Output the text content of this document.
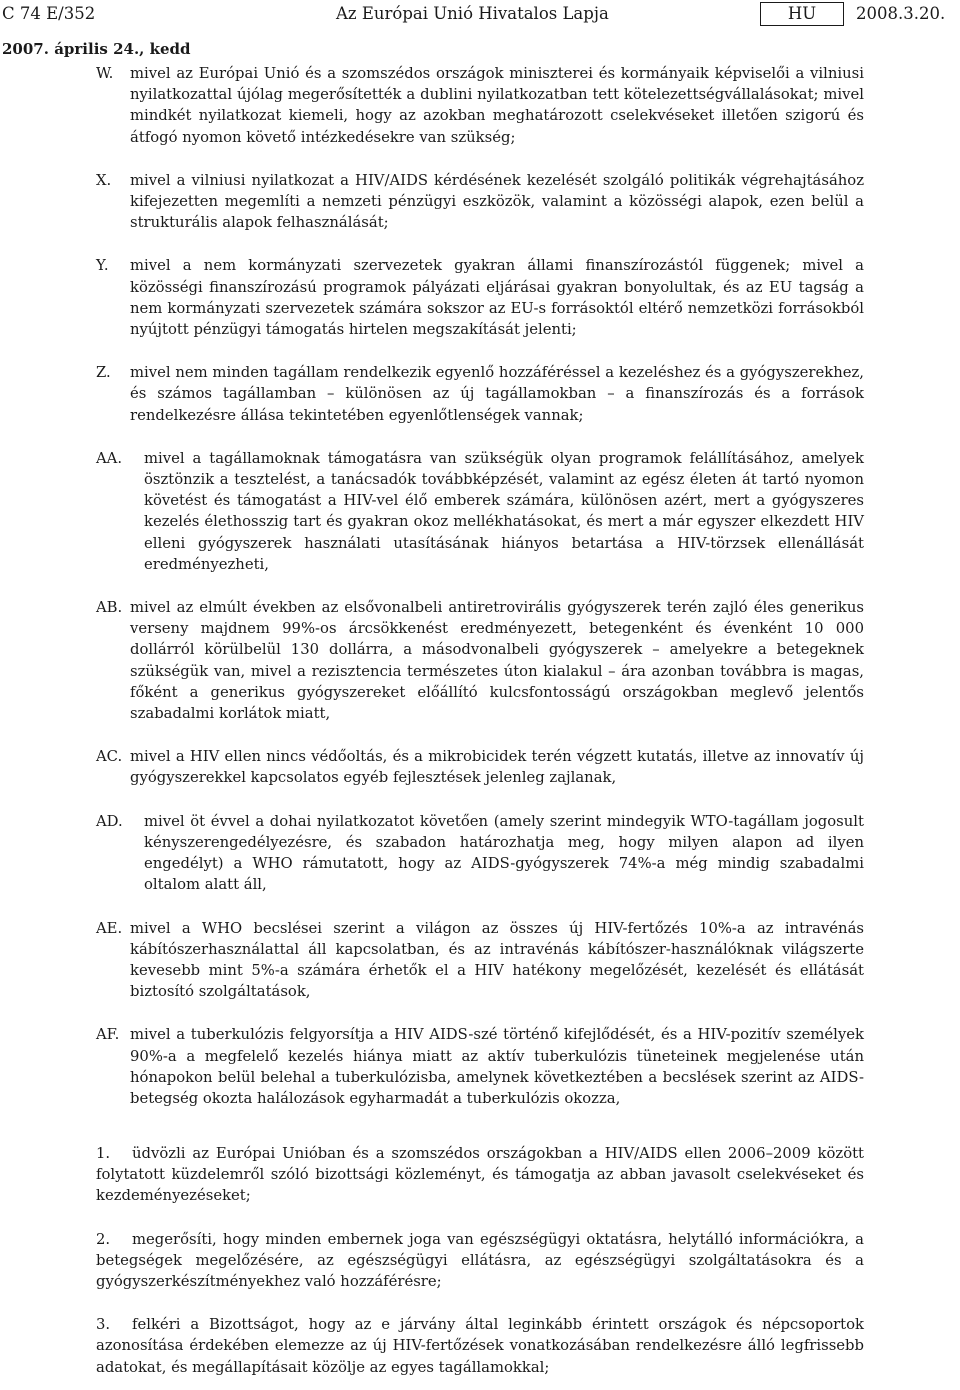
C 74 E/352	Az Európai Unió Hivatalos Lapja	HU	2008.3.20.
2007. április 24., kedd
W. mivel az Európai Unió és a szomszédos országok miniszterei és kormányaik képviselői a vilniusi nyilatkozattal újólag megerősítették a dublini nyilatkozatban tett kötelezettségvállalásokat; mivel mindkét nyilatkozat kiemeli, hogy az azokban meghatározott cselekvéseket illetően szigorú és átfogó nyomon követő intézkedésekre van szükség;
X. mivel a vilniusi nyilatkozat a HIV/AIDS kérdésének kezelését szolgáló politikák végrehajtásához kifejezetten megemlíti a nemzeti pénzügyi eszközök, valamint a közösségi alapok, ezen belül a strukturális alapok felhasználását;
Y. mivel a nem kormányzati szervezetek gyakran állami finanszírozástól függenek; mivel a közösségi finanszírozású programok pályázati eljárásai gyakran bonyolultak, és az EU tagság a nem kormányzati szervezetek számára sokszor az EU-s forrásoktól eltérő nemzetközi forrásokból nyújtott pénzügyi támogatás hirtelen megszakítását jelenti;
Z. mivel nem minden tagállam rendelkezik egyenlő hozzáféréssel a kezeléshez és a gyógyszerekhez, és számos tagállamban – különösen az új tagállamokban – a finanszírozás és a források rendelkezésre állása tekintetében egyenlőtlenségek vannak;
AA. mivel a tagállamoknak támogatásra van szükségük olyan programok felállításához, amelyek ösztönzik a tesztelést, a tanácsadók továbbképzését, valamint az egész életen át tartó nyomon követést és támogatást a HIV-vel élő emberek számára, különösen azért, mert a gyógyszeres kezelés élethosszig tart és gyakran okoz mellékhatásokat, és mert a már egyszer elkezdett HIV elleni gyógyszerek használati utasításának hiányos betartása a HIV-törzsek ellenállását eredményezheti,
AB. mivel az elmúlt években az elsővonalbeli antiretrovirális gyógyszerek terén zajló éles generikus verseny majdnem 99%-os árcsökkenést eredményezett, betegenként és évenként 10 000 dollárról körülbelül 130 dollárra, a másodvonalbeli gyógyszerek – amelyekre a betegeknek szükségük van, mivel a rezisztencia természetes úton kialakul – ára azonban továbbra is magas, főként a generikus gyógyszereket előállító kulcsfontosságú országokban meglevő jelentős szabadalmi korlátok miatt,
AC. mivel a HIV ellen nincs védőoltás, és a mikrobicidek terén végzett kutatás, illetve az innovatív új gyógyszerekkel kapcsolatos egyéb fejlesztések jelenleg zajlanak,
AD. mivel öt évvel a dohai nyilatkozatot követően (amely szerint mindegyik WTO-tagállam jogosult kényszerengedélyezésre, és szabadon határozhatja meg, hogy milyen alapon ad ilyen engedélyt) a WHO rámutatott, hogy az AIDS-gyógyszerek 74%-a még mindig szabadalmi oltalom alatt áll,
AE. mivel a WHO becslései szerint a világon az összes új HIV-fertőzés 10%-a az intravénás kábítószerhasználattal áll kapcsolatban, és az intravénás kábítószer-használóknak világszerte kevesebb mint 5%-a számára érhetők el a HIV hatékony megelőzését, kezelését és ellátását biztosító szolgáltatások,
AF. mivel a tuberkulózis felgyorsítja a HIV AIDS-szé történő kifejlődését, és a HIV-pozitív személyek 90%-a a megfelelő kezelés hiánya miatt az aktív tuberkulózis tüneteinek megjelenése után hónapokon belül belehal a tuberkulózisba, amelynek következtében a becslések szerint az AIDS-betegség okozta halálozások egyharmadát a tuberkulózis okozza,
1. üdvözli az Európai Unióban és a szomszédos országokban a HIV/AIDS ellen 2006–2009 között folytatott küzdelemről szóló bizottsági közleményt, és támogatja az abban javasolt cselekvéseket és kezdeményezéseket;
2. megerősíti, hogy minden embernek joga van egészségügyi oktatásra, helytálló információkra, a betegségek megelőzésére, az egészségügyi ellátásra, az egészségügyi szolgáltatásokra és a gyógyszerkészítményekhez való hozzáférésre;
3. felkéri a Bizottságot, hogy az e járvány által leginkább érintett országok és népcsoportok azonosítása érdekében elemezze az új HIV-fertőzések vonatkozásában rendelkezésre álló legfrissebb adatokat, és megállapításait közölje az egyes tagállamokkal;
